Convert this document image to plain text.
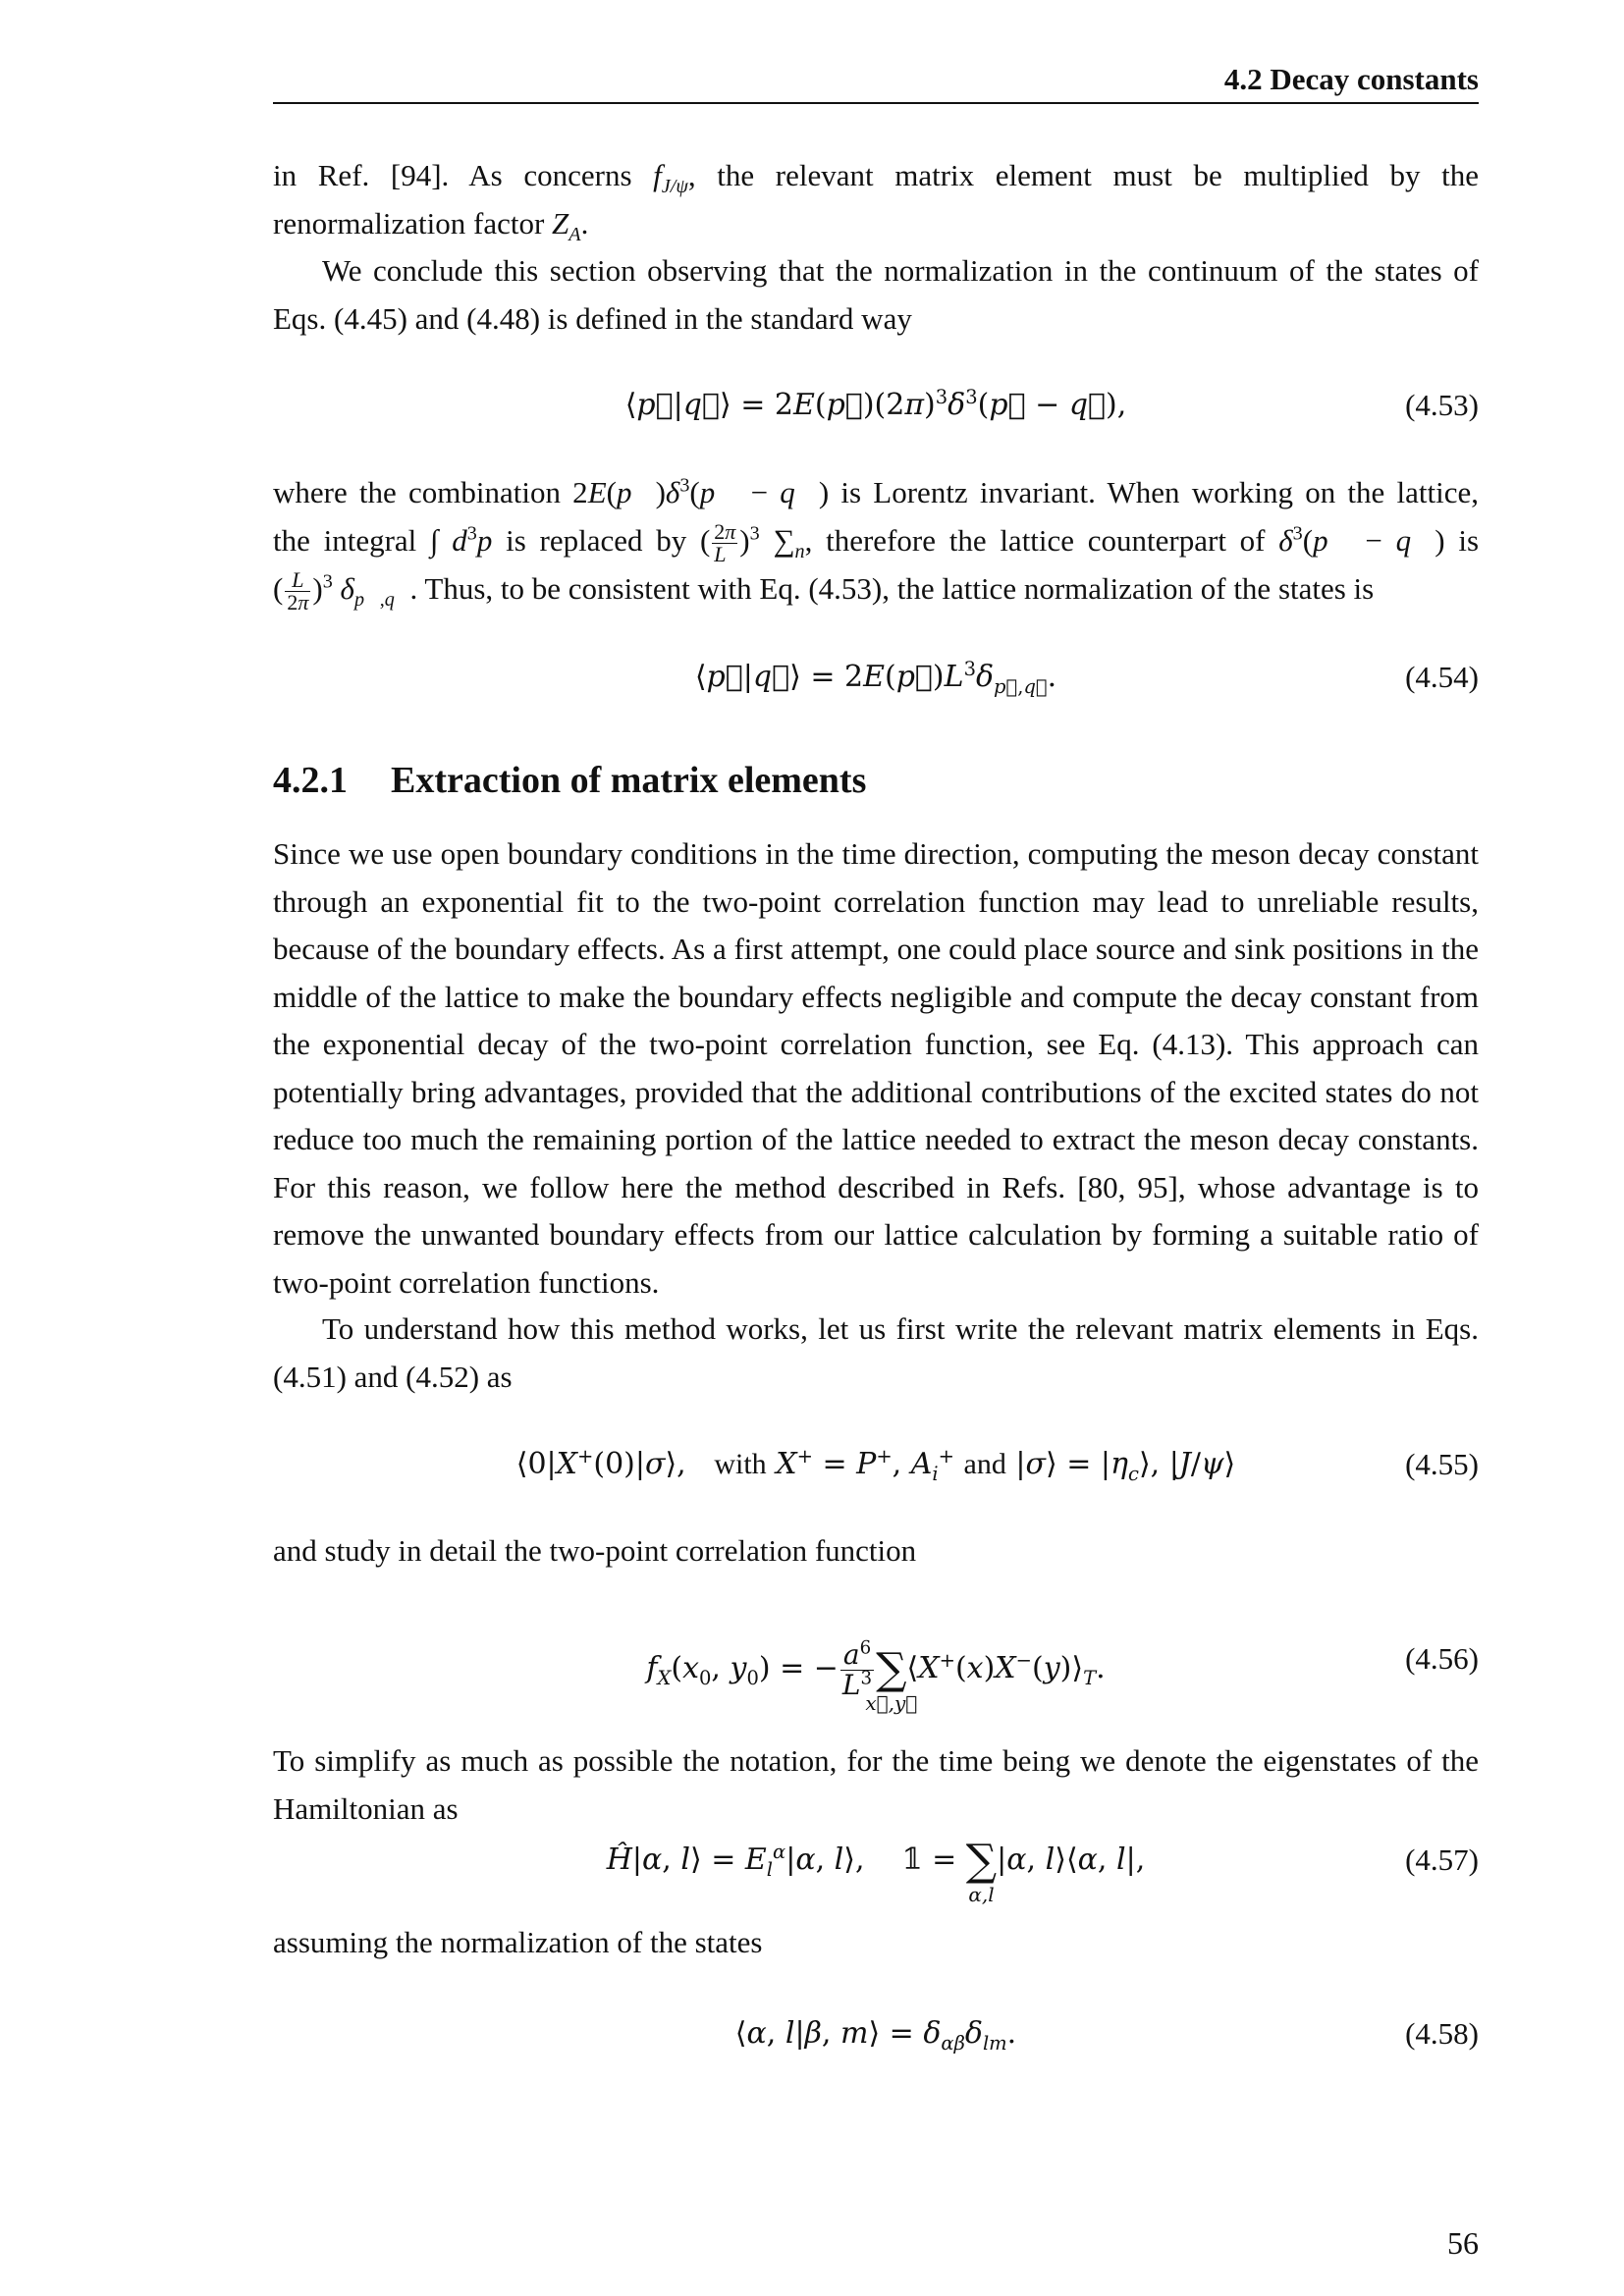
4.2 Decay constants

in Ref. [94]. As concerns $f_{J/\psi}$, the relevant matrix element must be multiplied by the renormalization factor $Z_A$.

We conclude this section observing that the normalization in the continuum of the states of Eqs. (4.45) and (4.48) is defined in the standard way

⟨p⃗|q⃗⟩ = $2E(p⃗)(2\pi)^3\delta^3(p⃗$ − q⃗),	(4.53)
where the combination $2E(p⃗)\delta^3(p⃗$ − q⃗) is Lorentz invariant. When working on the lattice,
the integral ∫ $d^3p$ is replaced by ( $\frac{2\pi}{L} )^3$ $\sum_n$, therefore the lattice counterpart of $\delta^3(p⃗$ − q⃗) is
( $\frac{L}{2\pi} )^3$ $\delta_{p⃗,q⃗}$. Thus, to be consistent with Eq. (4.53), the lattice normalization of the states is
⟨p⃗|q⃗⟩ = $2E(p⃗)L^3\delta_{p⃗,q⃗}$.	(4.54)
4.2.1 Extraction of matrix elements

Since we use open boundary conditions in the time direction, computing the meson decay constant through an exponential fit to the two-point correlation function may lead to unreliable results, because of the boundary effects. As a first attempt, one could place source and sink positions in the middle of the lattice to make the boundary effects negligible and compute the decay constant from the exponential decay of the two-point correlation function, see Eq. (4.13). This approach can potentially bring advantages, provided that the additional contributions of the excited states do not reduce too much the remaining portion of the lattice needed to extract the meson decay constants. For this reason, we follow here the method described in Refs. [80, 95], whose advantage is to remove the unwanted boundary effects from our lattice calculation by forming a suitable ratio of two-point correlation functions.

To understand how this method works, let us first write the relevant matrix elements in Eqs. (4.51) and (4.52) as

⟨0|X+(0)|σ⟩,   with X+ = P+, $A_i^+$ and |σ⟩ = $|\eta_c⟩$, |J/ψ⟩	(4.55)

and study in detail the two-point correlation function

$f_X(x_0$, $y_0$) = − $\frac{a^6}{L^3}$ ∑
x⃗,y⃗
$⟨X^+(x)X^-(y)⟩_T$.	(4.56)

To simplify as much as possible the notation, for the time being we denote the eigenstates of the Hamiltonian as

Ĥ|α, l⟩ = $E_l^\alpha|\alpha$, l⟩,    𝟙 = ∑
α,l
|α, l⟩⟨α, l|,	(4.57)

assuming the normalization of the states

⟨α, l|β, m⟩ = $\delta_{\alpha\beta}\delta_{lm}$.	(4.58)
56
